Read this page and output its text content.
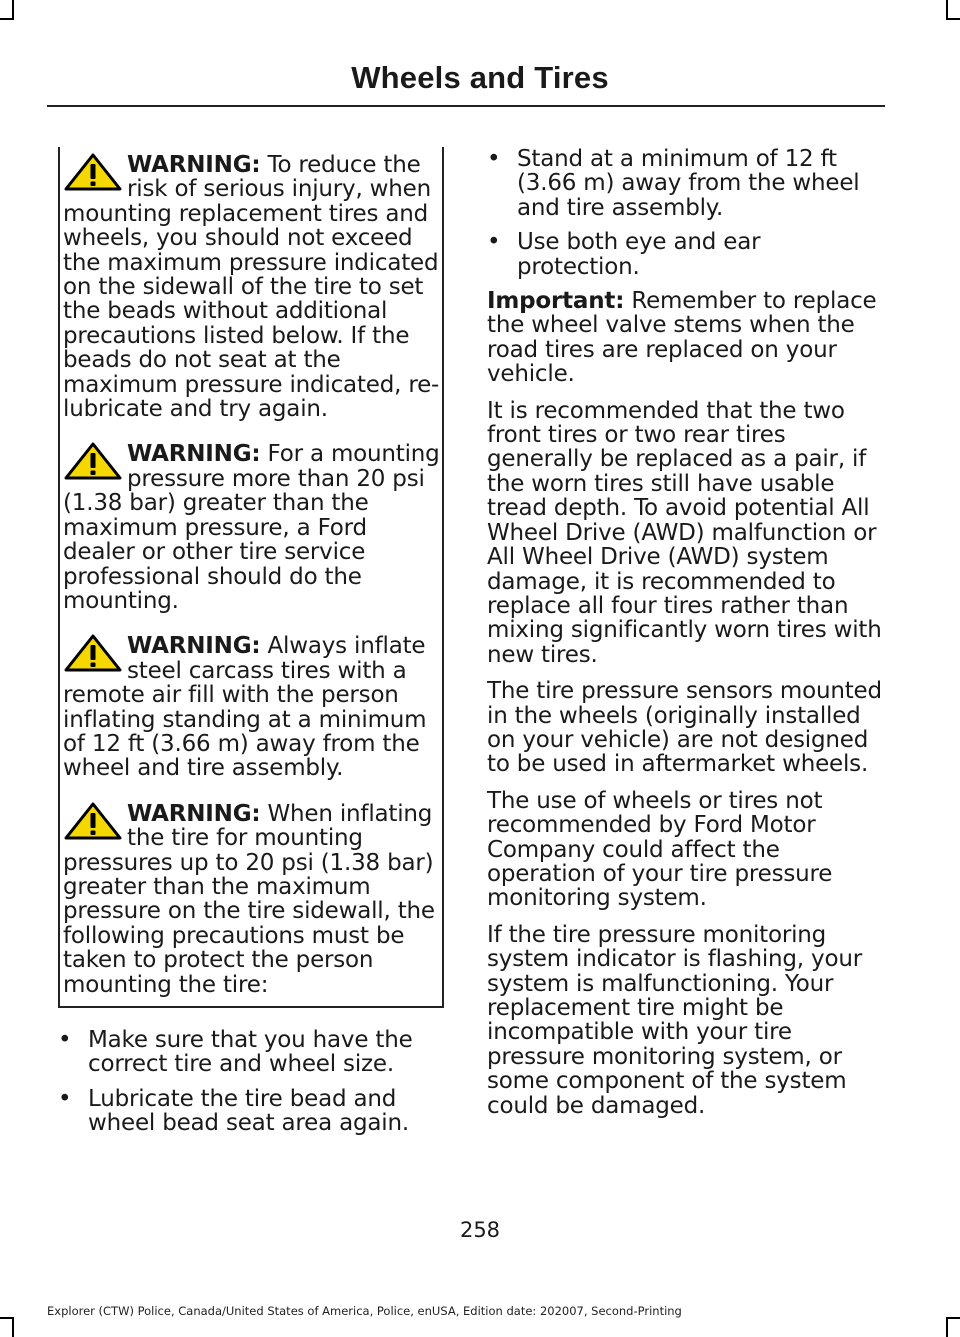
Wheels and Tires
WARNING: To reduce the risk of serious injury, when mounting replacement tires and wheels, you should not exceed the maximum pressure indicated on the sidewall of the tire to set the beads without additional precautions listed below. If the beads do not seat at the maximum pressure indicated, re-lubricate and try again.
WARNING: For a mounting pressure more than 20 psi (1.38 bar) greater than the maximum pressure, a Ford dealer or other tire service professional should do the mounting.
WARNING: Always inflate steel carcass tires with a remote air fill with the person inflating standing at a minimum of 12 ft (3.66 m) away from the wheel and tire assembly.
WARNING: When inflating the tire for mounting pressures up to 20 psi (1.38 bar) greater than the maximum pressure on the tire sidewall, the following precautions must be taken to protect the person mounting the tire:
• Make sure that you have the correct tire and wheel size.
• Lubricate the tire bead and wheel bead seat area again.
• Stand at a minimum of 12 ft (3.66 m) away from the wheel and tire assembly.
• Use both eye and ear protection.

Important: Remember to replace the wheel valve stems when the road tires are replaced on your vehicle.

It is recommended that the two front tires or two rear tires generally be replaced as a pair, if the worn tires still have usable tread depth. To avoid potential All Wheel Drive (AWD) malfunction or All Wheel Drive (AWD) system damage, it is recommended to replace all four tires rather than mixing significantly worn tires with new tires.

The tire pressure sensors mounted in the wheels (originally installed on your vehicle) are not designed to be used in aftermarket wheels.

The use of wheels or tires not recommended by Ford Motor Company could affect the operation of your tire pressure monitoring system.

If the tire pressure monitoring system indicator is flashing, your system is malfunctioning. Your replacement tire might be incompatible with your tire pressure monitoring system, or some component of the system could be damaged.

258
Explorer (CTW) Police, Canada/United States of America, Police, enUSA, Edition date: 202007, Second-Printing
